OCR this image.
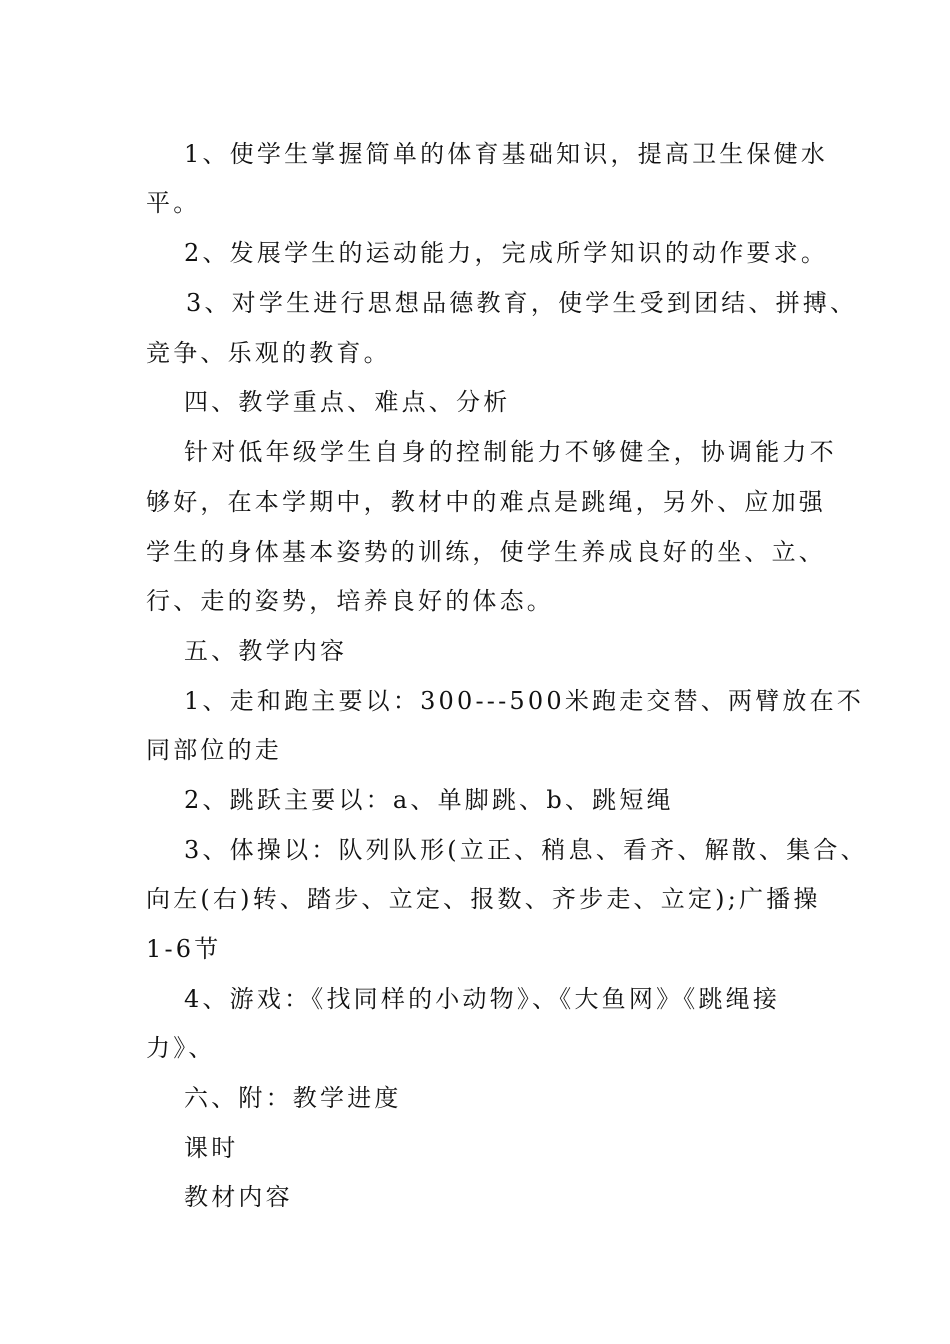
1、使学生掌握简单的体育基础知识，提高卫生保健水
平。
2、发展学生的运动能力，完成所学知识的动作要求。
3、对学生进行思想品德教育，使学生受到团结、拼搏、
竞争、乐观的教育。
四、教学重点、难点、分析
针对低年级学生自身的控制能力不够健全，协调能力不
够好，在本学期中，教材中的难点是跳绳，另外、应加强
学生的身体基本姿势的训练，使学生养成良好的坐、立、
行、走的姿势，培养良好的体态。
五、教学内容
1、走和跑主要以：300---500米跑走交替、两臂放在不
同部位的走
2、跳跃主要以：a、单脚跳、b、跳短绳
3、体操以：队列队形(立正、稍息、看齐、解散、集合、
向左(右)转、踏步、立定、报数、齐步走、立定);广播操
1-6节
4、游戏：《找同样的小动物》、《大鱼网》《跳绳接
力》、
六、附：教学进度
课时
教材内容
